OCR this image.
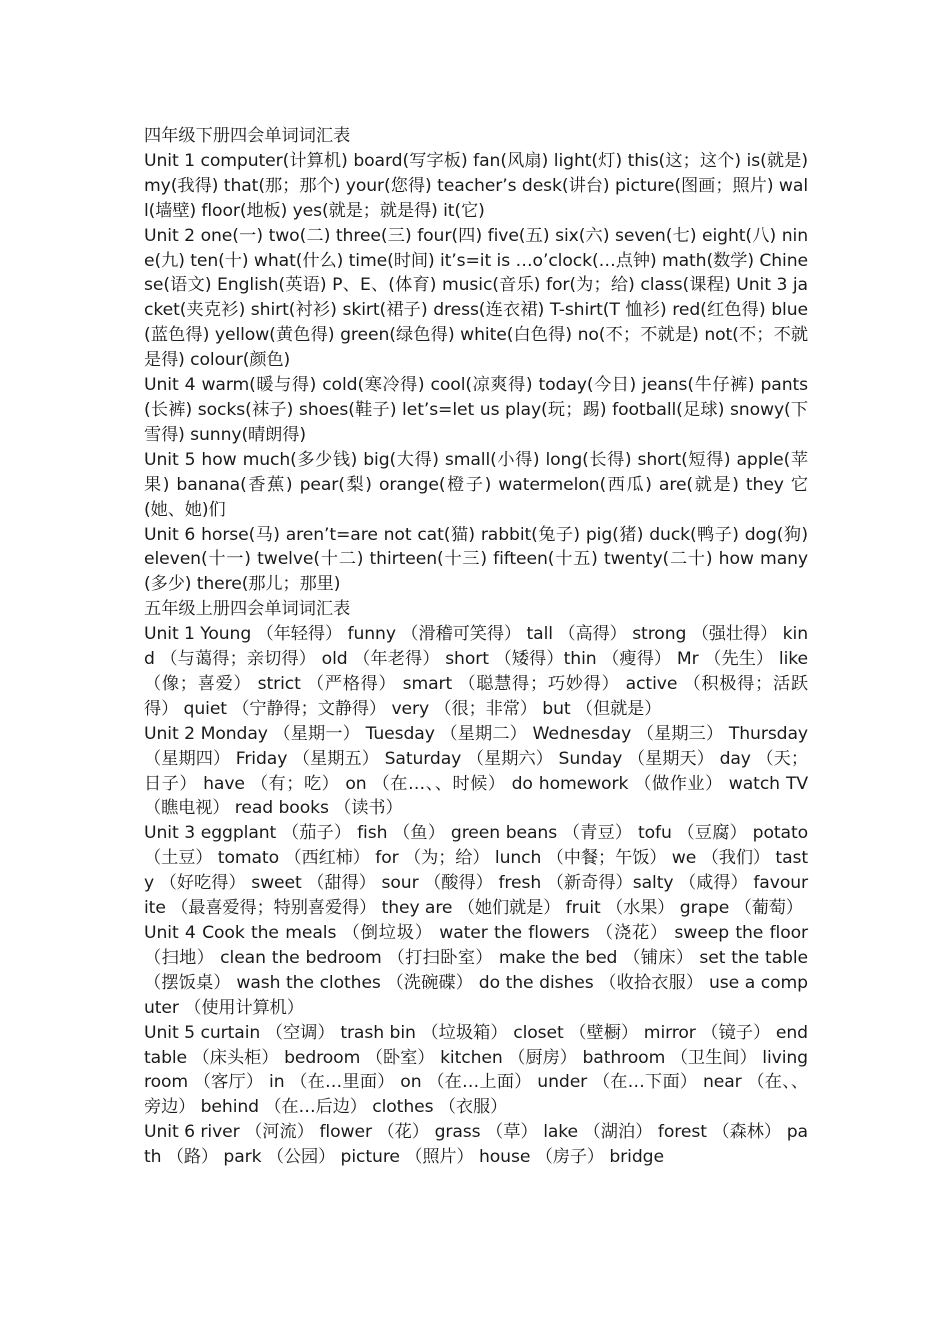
四年级下册四会单词词汇表

Unit 1 computer(计算机) board(写字板) fan(风扇) light(灯) this(这；这个) is(就是)my(我得) that(那；那个) your(您得) teacher’s desk(讲台) picture(图画；照片) wall(墙壁) floor(地板) yes(就是；就是得) it(它)

Unit 2 one(一) two(二) three(三) four(四) five(五) six(六) seven(七) eight(八) nine(九) ten(十) what(什么) time(时间) it’s=it is …o’clock(…点钟) math(数学) Chinese(语文) English(英语) P、E、(体育) music(音乐) for(为；给) class(课程) Unit 3 jacket(夹克衫) shirt(衬衫) skirt(裙子) dress(连衣裙) T-shirt(T 恤衫) red(红色得) blue(蓝色得) yellow(黄色得) green(绿色得) white(白色得) no(不；不就是) not(不；不就是得) colour(颜色)

Unit 4 warm(暖与得) cold(寒冷得) cool(凉爽得) today(今日) jeans(牛仔裤) pants(长裤) socks(袜子) shoes(鞋子) let’s=let us play(玩；踢) football(足球) snowy(下雪得) sunny(晴朗得)

Unit 5 how much(多少钱) big(大得) small(小得) long(长得) short(短得) apple(苹果) banana(香蕉) pear(梨) orange(橙子) watermelon(西瓜) are(就是) they 它(她、她)们

Unit 6 horse(马) aren’t=are not cat(猫) rabbit(兔子) pig(猪) duck(鸭子) dog(狗) eleven(十一) twelve(十二) thirteen(十三) fifteen(十五) twenty(二十) how many(多少) there(那儿；那里)

五年级上册四会单词词汇表

Unit 1 Young （年轻得） funny （滑稽可笑得） tall （高得） strong （强壮得） kind （与蔼得；亲切得） old （年老得） short （矮得）thin （瘦得） Mr （先生） like （像；喜爱） strict （严格得） smart （聪慧得；巧妙得） active （积极得；活跃得） quiet （宁静得；文静得） very （很；非常） but （但就是）

Unit 2 Monday （星期一） Tuesday （星期二） Wednesday （星期三） Thursday （星期四） Friday （星期五） Saturday （星期六） Sunday （星期天） day （天；日子） have （有；吃） on （在…、、时候） do homework （做作业） watch TV （瞧电视） read books （读书）

Unit 3 eggplant （茄子） fish （鱼） green beans （青豆） tofu （豆腐） potato （土豆） tomato （西红柿） for （为；给） lunch （中餐；午饭） we （我们） tasty （好吃得） sweet （甜得） sour （酸得） fresh （新奇得）salty （咸得） favourite （最喜爱得；特别喜爱得） they are （她们就是） fruit （水果） grape （葡萄）

Unit 4 Cook the meals （倒垃圾） water the flowers （浇花） sweep the floor （扫地） clean the bedroom （打扫卧室） make the bed （铺床） set the table （摆饭桌） wash the clothes （洗碗碟） do the dishes （收拾衣服） use a computer （使用计算机）

Unit 5 curtain （空调） trash bin （垃圾箱） closet （壁橱） mirror （镜子） end table （床头柜） bedroom （卧室） kitchen （厨房） bathroom （卫生间） living room （客厅） in （在…里面） on （在…上面） under （在…下面） near （在、、旁边） behind （在…后边） clothes （衣服）

Unit 6 river （河流） flower （花） grass （草） lake （湖泊） forest （森林） path （路） park （公园） picture （照片） house （房子） bridge
